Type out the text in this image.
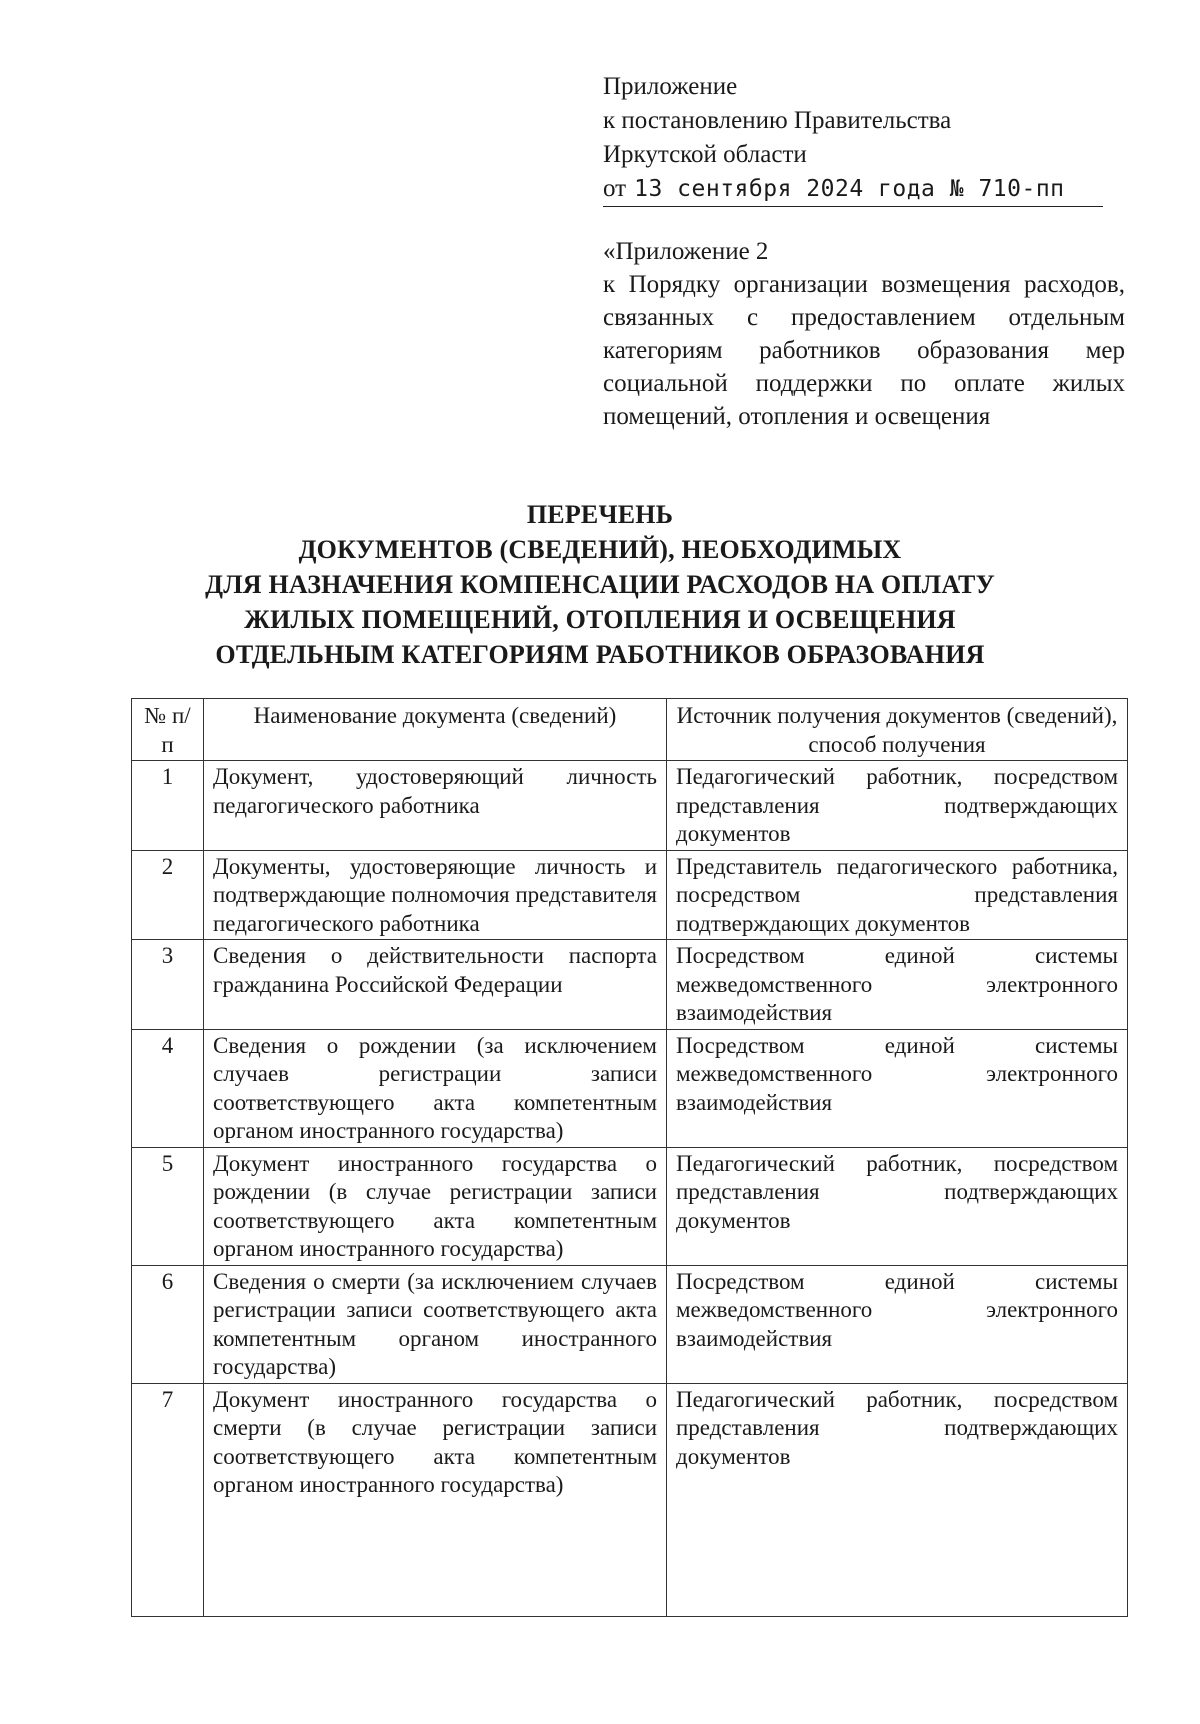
Приложение
к постановлению Правительства
Иркутской области
от 13 сентября 2024 года № 710-пп
«Приложение 2
к Порядку организации возмещения расходов, связанных с предоставлением отдельным категориям работников образования мер социальной поддержки по оплате жилых помещений, отопления и освещения
ПЕРЕЧЕНЬ
ДОКУМЕНТОВ (СВЕДЕНИЙ), НЕОБХОДИМЫХ
ДЛЯ НАЗНАЧЕНИЯ КОМПЕНСАЦИИ РАСХОДОВ НА ОПЛАТУ
ЖИЛЫХ ПОМЕЩЕНИЙ, ОТОПЛЕНИЯ И ОСВЕЩЕНИЯ
ОТДЕЛЬНЫМ КАТЕГОРИЯМ РАБОТНИКОВ ОБРАЗОВАНИЯ
№ п/п	Наименование документа (сведений)	Источник получения документов (сведений), способ получения
1	Документ, удостоверяющий личность педагогического работника	Педагогический работник, посредством представления подтверждающих документов
2	Документы, удостоверяющие личность и подтверждающие полномочия представителя педагогического работника	Представитель педагогического работника, посредством представления подтверждающих документов
3	Сведения о действительности паспорта гражданина Российской Федерации	Посредством единой системы межведомственного электронного взаимодействия
4	Сведения о рождении (за исключением случаев регистрации записи соответствующего акта компетентным органом иностранного государства)	Посредством единой системы межведомственного электронного взаимодействия
5	Документ иностранного государства о рождении (в случае регистрации записи соответствующего акта компетентным органом иностранного государства)	Педагогический работник, посредством представления подтверждающих документов
6	Сведения о смерти (за исключением случаев регистрации записи соответствующего акта компетентным органом иностранного государства)	Посредством единой системы межведомственного электронного взаимодействия
7	Документ иностранного государства о смерти (в случае регистрации записи соответствующего акта компетентным органом иностранного государства)	Педагогический работник, посредством представления подтверждающих документов
